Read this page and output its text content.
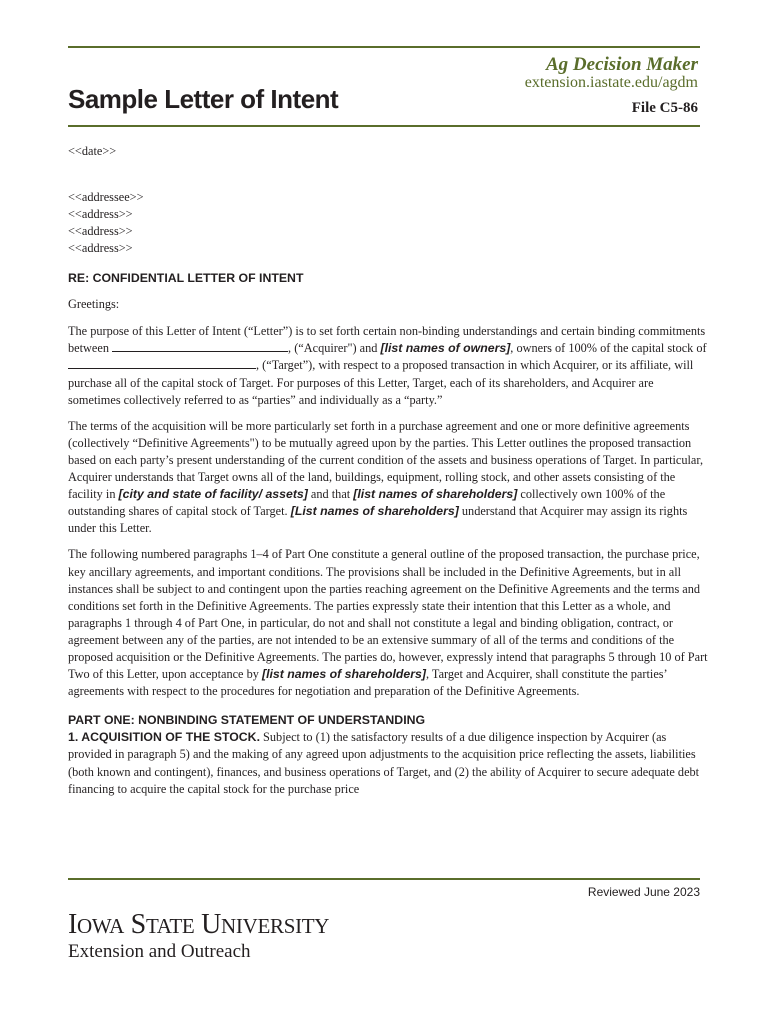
Ag Decision Maker
extension.iastate.edu/agdm
Sample Letter of Intent	File C5-86

<<date>>

<<addressee>>
<<address>>
<<address>>
<<address>>

RE: CONFIDENTIAL LETTER OF INTENT

Greetings:

The purpose of this Letter of Intent (“Letter”) is to set forth certain non-binding understandings and certain binding commitments between	, (“Acquirer") and [list names of owners], owners of 100% of the capital stock of , (“Target”), with respect to a proposed transaction in which Acquirer, or its affiliate, will purchase all of the capital stock of Target. For purposes of this Letter, Target, each of its shareholders, and Acquirer are sometimes collectively referred to as “parties” and individually as a “party.”

The terms of the acquisition will be more particularly set forth in a purchase agreement and one or more definitive agreements (collectively “Definitive Agreements") to be mutually agreed upon by the parties. This Letter outlines the proposed transaction based on each party’s present understanding of the current condition of the assets and business operations of Target. In particular, Acquirer understands that Target owns all of the land, buildings, equipment, rolling stock, and other assets consisting of the facility in [city and state of facility/ assets] and that [list names of shareholders] collectively own 100% of the outstanding shares of capital stock of Target. [List names of shareholders] understand that Acquirer may assign its rights under this Letter.

The following numbered paragraphs 1–4 of Part One constitute a general outline of the proposed transaction, the purchase price, key ancillary agreements, and important conditions. The provisions shall be included in the Definitive Agreements, but in all instances shall be subject to and contingent upon the parties reaching agreement on the Definitive Agreements and the terms and conditions set forth in the Definitive Agreements. The parties expressly state their intention that this Letter as a whole, and paragraphs 1 through 4 of Part One, in particular, do not and shall not constitute a legal and binding obligation, contract, or agreement between any of the parties, are not intended to be an extensive summary of all of the terms and conditions of the proposed acquisition or the Definitive Agreements. The parties do, however, expressly intend that paragraphs 5 through 10 of Part Two of this Letter, upon acceptance by [list names of shareholders], Target and Acquirer, shall constitute the parties’ agreements with respect to the procedures for negotiation and preparation of the Definitive Agreements.

PART ONE: NONBINDING STATEMENT OF UNDERSTANDING
1. ACQUISITION OF THE STOCK. Subject to (1) the satisfactory results of a due diligence inspection by Acquirer (as provided in paragraph 5) and the making of any agreed upon adjustments to the acquisition price reflecting the assets, liabilities (both known and contingent), finances, and business operations of Target, and (2) the ability of Acquirer to secure adequate debt financing to acquire the capital stock for the purchase price

Reviewed June 2023
IOWA STATE UNIVERSITY
Extension and Outreach
